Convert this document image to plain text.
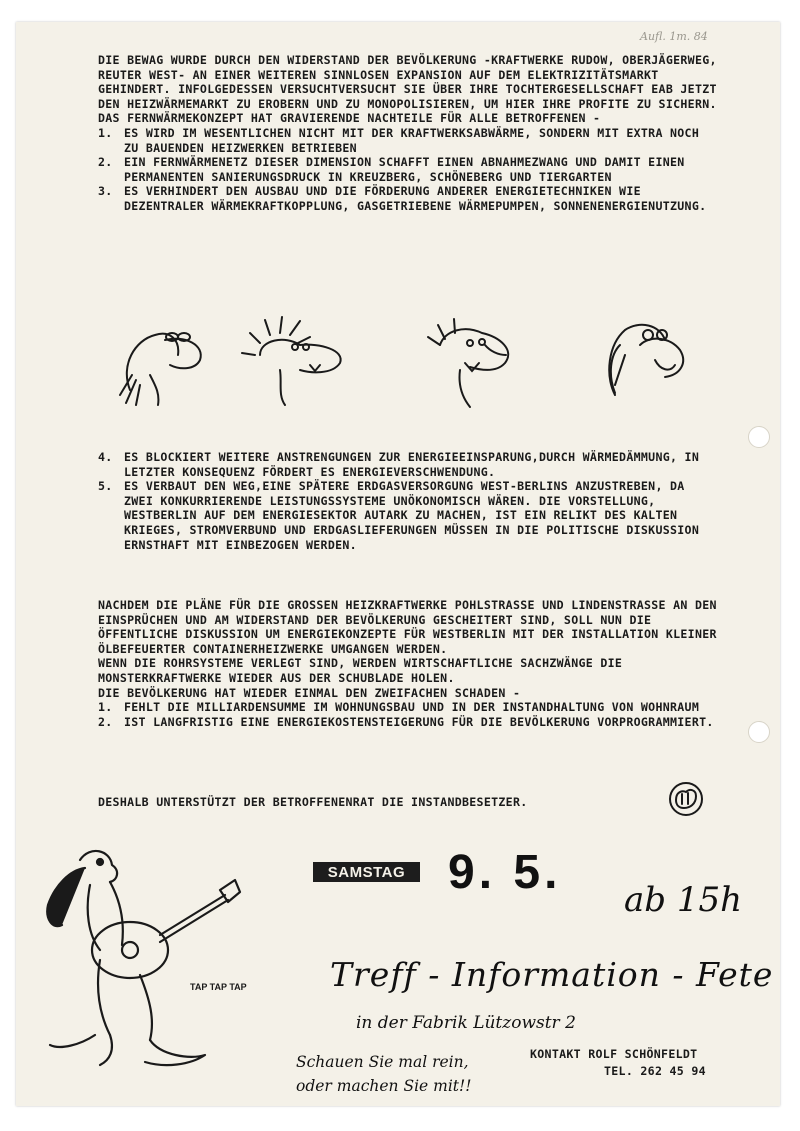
Aufl. 1m. 84

DIE BEWAG WURDE DURCH DEN WIDERSTAND DER BEVÖLKERUNG -KRAFTWERKE RUDOW, OBERJÄGERWEG, REUTER WEST- AN EINER WEITEREN SINNLOSEN EXPANSION AUF DEM ELEKTRIZITÄTSMARKT GEHINDERT. INFOLGEDESSEN VERSUCHTVERSUCHT SIE ÜBER IHRE TOCHTERGESELLSCHAFT EAB JETZT DEN HEIZWÄRMEMARKT ZU EROBERN UND ZU MONOPOLISIEREN, UM HIER IHRE PROFITE ZU SICHERN. DAS FERNWÄRMEKONZEPT HAT GRAVIERENDE NACHTEILE FÜR ALLE BETROFFENEN -

1. ES WIRD IM WESENTLICHEN NICHT MIT DER KRAFTWERKSABWÄRME, SONDERN MIT EXTRA NOCH ZU BAUENDEN HEIZWERKEN BETRIEBEN
2. EIN FERNWÄRMENETZ DIESER DIMENSION SCHAFFT EINEN ABNAHMEZWANG UND DAMIT EINEN PERMANENTEN SANIERUNGSDRUCK IN KREUZBERG, SCHÖNEBERG UND TIERGARTEN
3. ES VERHINDERT DEN AUSBAU UND DIE FÖRDERUNG ANDERER ENERGIETECHNIKEN WIE DEZENTRALER WÄRMEKRAFTKOPPLUNG, GASGETRIEBENE WÄRMEPUMPEN, SONNENENERGIENUTZUNG.
4. ES BLOCKIERT WEITERE ANSTRENGUNGEN ZUR ENERGIEEINSPARUNG,DURCH WÄRMEDÄMMUNG, IN LETZTER KONSEQUENZ FÖRDERT ES ENERGIEVERSCHWENDUNG.
5. ES VERBAUT DEN WEG,EINE SPÄTERE ERDGASVERSORGUNG WEST-BERLINS ANZUSTREBEN, DA ZWEI KONKURRIERENDE LEISTUNGSSYSTEME UNÖKONOMISCH WÄREN. DIE VORSTELLUNG, WESTBERLIN AUF DEM ENERGIESEKTOR AUTARK ZU MACHEN, IST EIN RELIKT DES KALTEN KRIEGES, STROMVERBUND UND ERDGASLIEFERUNGEN MÜSSEN IN DIE POLITISCHE DISKUSSION ERNSTHAFT MIT EINBEZOGEN WERDEN.

NACHDEM DIE PLÄNE FÜR DIE GROSSEN HEIZKRAFTWERKE POHLSTRASSE UND LINDENSTRASSE AN DEN EINSPRÜCHEN UND AM WIDERSTAND DER BEVÖLKERUNG GESCHEITERT SIND, SOLL NUN DIE ÖFFENTLICHE DISKUSSION UM ENERGIEKONZEPTE FÜR WESTBERLIN MIT DER INSTALLATION KLEINER ÖLBEFEUERTER CONTAINERHEIZWERKE UMGANGEN WERDEN.

WENN DIE ROHRSYSTEME VERLEGT SIND, WERDEN WIRTSCHAFTLICHE SACHZWÄNGE DIE MONSTERKRAFTWERKE WIEDER AUS DER SCHUBLADE HOLEN.

DIE BEVÖLKERUNG HAT WIEDER EINMAL DEN ZWEIFACHEN SCHADEN -

1. FEHLT DIE MILLIARDENSUMME IM WOHNUNGSBAU UND IN DER INSTANDHALTUNG VON WOHNRAUM
2. IST LANGFRISTIG EINE ENERGIEKOSTENSTEIGERUNG FÜR DIE BEVÖLKERUNG VORPROGRAMMIERT.
DESHALB UNTERSTÜTZT DER BETROFFENENRAT DIE INSTANDBESETZER.
TAP TAP TAP
SAMSTAG 9. 5.
ab 15h
Treff - Information - Fete
in der Fabrik Lützowstr 2
Schauen Sie mal rein,
oder machen Sie mit!!
KONTAKT ROLF SCHÖNFELDT
TEL. 262 45 94
